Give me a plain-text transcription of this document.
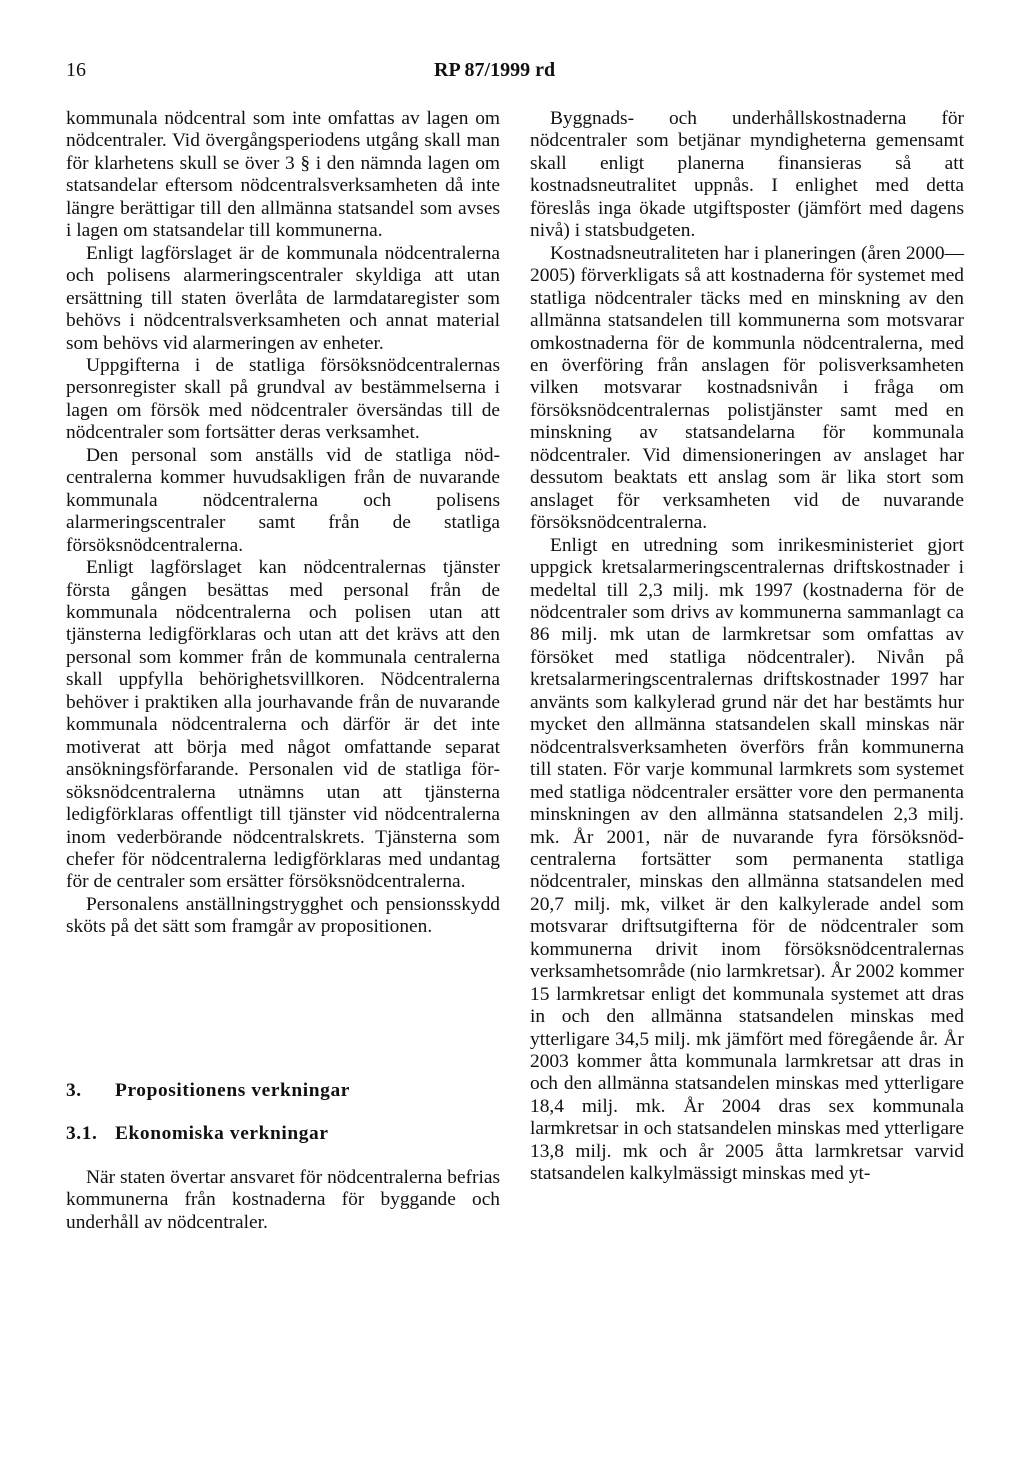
16	RP 87/1999 rd

kommunala nödcentral som inte omfattas av lagen om nödcentraler. Vid övergångsperiodens utgång skall man för klarhetens skull se över 3 § i den nämnda lagen om statsandelar eftersom nödcentralsverksamheten då inte längre berättigar till den allmänna statsandel som avses i lagen om statsandelar till kommunerna.

Enligt lagförslaget är de kommunala nödcentralerna och polisens alarmeringscentraler skyldiga att utan ersättning till staten överlåta de larmdataregister som behövs i nödcentralsverksamheten och annat material som behövs vid alarmeringen av enheter.

Uppgifterna i de statliga försöksnödcentralernas personregister skall på grundval av bestämmelserna i lagen om försök med nödcentraler översändas till de nödcentraler som fortsätter deras verksamhet.

Den personal som anställs vid de statliga nödcentralerna kommer huvudsakligen från de nuvarande kommunala nödcentralerna och polisens alarmeringscentraler samt från de statliga försöksnödcentralerna.

Enligt lagförslaget kan nödcentralernas tjänster första gången besättas med personal från de kommunala nödcentralerna och polisen utan att tjänsterna ledigförklaras och utan att det krävs att den personal som kommer från de kommunala centralerna skall uppfylla behörighetsvillkoren. Nödcentralerna behöver i praktiken alla jourhavande från de nuvarande kommunala nödcentralerna och därför är det inte motiverat att börja med något omfattande separat ansökningsförfarande. Personalen vid de statliga försöksnödcentralerna utnämns utan att tjänsterna ledigförklaras offentligt till tjänster vid nödcentralerna inom vederbörande nödcentralskrets. Tjänsterna som chefer för nödcentralerna ledigförklaras med undantag för de centraler som ersätter försöksnödcentralerna.

Personalens anställningstrygghet och pensionsskydd sköts på det sätt som framgår av propositionen.

3.	Propositionens verkningar

3.1. Ekonomiska verkningar

När staten övertar ansvaret för nödcentralerna befrias kommunerna från kostnaderna för byggande och underhåll av nödcentraler.

Byggnads- och underhållskostnaderna för nödcentraler som betjänar myndigheterna gemensamt skall enligt planerna finansieras så att kostnadsneutralitet uppnås. I enlighet med detta föreslås inga ökade utgiftsposter (jämfört med dagens nivå) i statsbudgeten.

Kostnadsneutraliteten har i planeringen (åren 2000—2005) förverkligats så att kostnaderna för systemet med statliga nödcentraler täcks med en minskning av den allmänna statsandelen till kommunerna som motsvarar omkostnaderna för de kommunla nödcentralerna, med en överföring från anslagen för polisverksamheten vilken motsvarar kostnadsnivån i fråga om försöksnödcentralernas polistjänster samt med en minskning av statsandelarna för kommunala nödcentraler. Vid dimensioneringen av anslaget har dessutom beaktats ett anslag som är lika stort som anslaget för verksamheten vid de nuvarande försöksnödcentralerna.

Enligt en utredning som inrikesministeriet gjort uppgick kretsalarmeringscentralernas driftskostnader i medeltal till 2,3 milj. mk 1997 (kostnaderna för de nödcentraler som drivs av kommunerna sammanlagt ca 86 milj. mk utan de larmkretsar som omfattas av försöket med statliga nödcentraler). Nivån på kretsalarmeringscentralernas driftskostnader 1997 har använts som kalkylerad grund när det har bestämts hur mycket den allmänna statsandelen skall minskas när nödcentralsverksamheten överförs från kommunerna till staten. För varje kommunal larmkrets som systemet med statliga nödcentraler ersätter vore den permanenta minskningen av den allmänna statsandelen 2,3 milj. mk. År 2001, när de nuvarande fyra försöksnödcentralerna fortsätter som permanenta statliga nödcentraler, minskas den allmänna statsandelen med 20,7 milj. mk, vilket är den kalkylerade andel som motsvarar driftsutgifterna för de nödcentraler som kommunerna drivit inom försöksnödcentralernas verksamhetsområde (nio larmkretsar). År 2002 kommer 15 larmkretsar enligt det kommunala systemet att dras in och den allmänna statsandelen minskas med ytterligare 34,5 milj. mk jämfört med föregående år. År 2003 kommer åtta kommunala larmkretsar att dras in och den allmänna statsandelen minskas med ytterligare 18,4 milj. mk. År 2004 dras sex kommunala larmkretsar in och statsandelen minskas med ytterligare 13,8 milj. mk och år 2005 åtta larmkretsar varvid statsandelen kalkylmässigt minskas med yt-
